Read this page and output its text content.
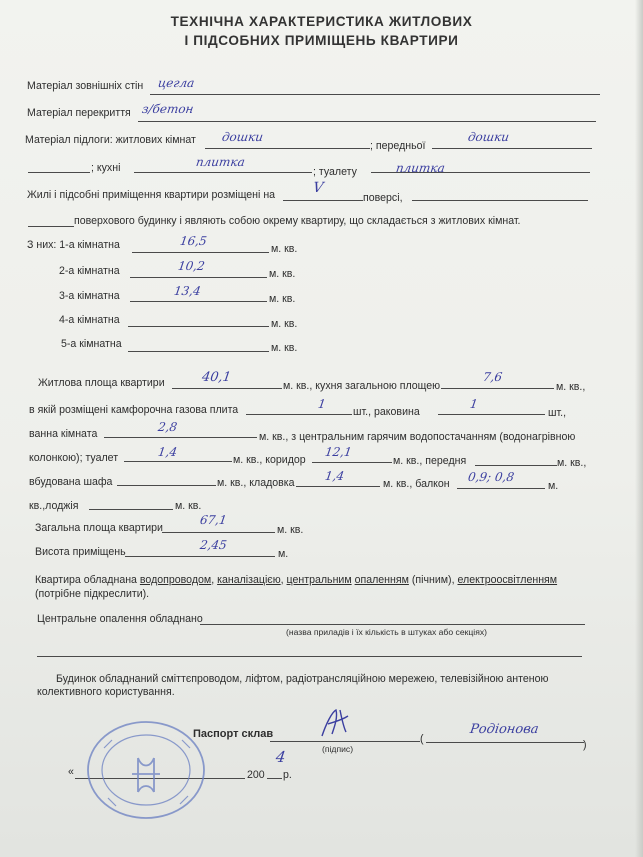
ТЕХНІЧНА ХАРАКТЕРИСТИКА ЖИТЛОВИХ
І ПІДСОБНИХ ПРИМІЩЕНЬ КВАРТИРИ
Матеріал зовнішніх стін цегла
Матеріал перекриття з/бетон
Матеріал підлоги: житлових кімнат дошки
; передньої
дошки
; кухні	плитка
; туалету	плитка
Жилі і підсобні приміщення квартири розміщені на	V
поверсі,
поверхового будинку і являють собою окрему квартиру, що складається з житлових кімнат.
З них: 1-а кімнатна	16,5
м. кв.
2-а кімнатна	10,2
м. кв.
3-а кімнатна	13,4
м. кв.
4-а кімнатна	м. кв.
5-а кімнатна	м. кв.
Житлова площа квартири	40,1
м. кв., кухня загальною площею
7,6
м. кв.,
в якій розміщені камфорочна газова плита	1
шт., раковина
1
шт.,
ванна кімната	2,8
м. кв., з центральним гарячим водопостачанням (водонагрівною
колонкою); туалет	1,4
м. кв., коридор
12,1
м. кв., передня	м. кв.,
вбудована шафа	м. кв., кладовка 1,4
м. кв., балкон 0,9; 0,8
м.
кв.,лоджія	м. кв.
Загальна площа квартири
67,1
м. кв.
Висота приміщень	2,45
м.
Квартира обладнана водопроводом, каналізацією, центральним опаленням (пічним), електроосвітленням
(потрібне підкреслити).
Центральне опалення обладнано
(назва приладів і їх кількість в штуках або секціях)
Будинок обладнаний сміттєпроводом, ліфтом, радіотрансляційною мережею, телевізійною антеною
колективного користування.
Паспорт склав
(підпис)
(
Родіонова
)
«	200
4
р.
